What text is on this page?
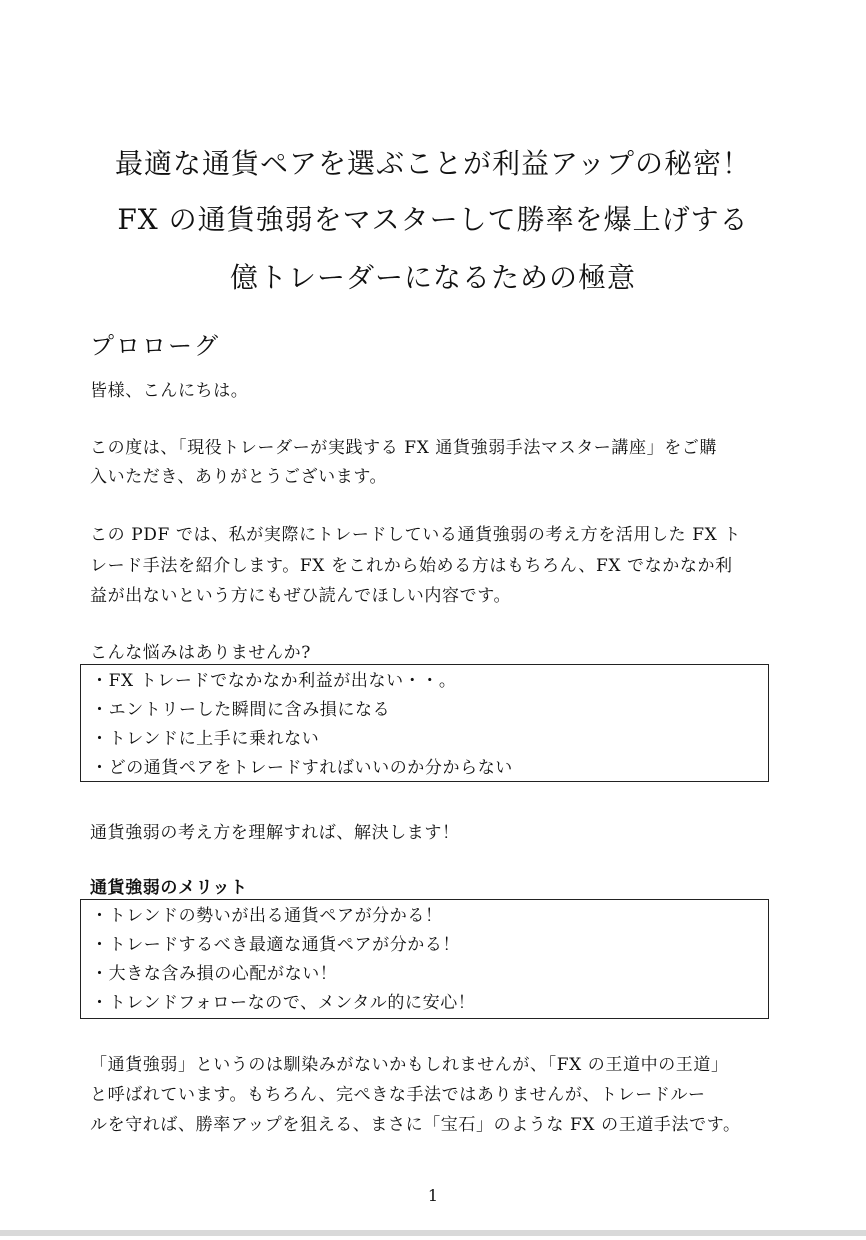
最適な通貨ペアを選ぶことが利益アップの秘密！
FX の通貨強弱をマスターして勝率を爆上げする
億トレーダーになるための極意
プロローグ
皆様、こんにちは。
この度は、「現役トレーダーが実践する FX 通貨強弱手法マスター講座」をご購
入いただき、ありがとうございます。
この PDF では、私が実際にトレードしている通貨強弱の考え方を活用した FX ト
レード手法を紹介します。FX をこれから始める方はもちろん、FX でなかなか利
益が出ないという方にもぜひ読んでほしい内容です。
こんな悩みはありませんか?
・FX トレードでなかなか利益が出ない・・。
・エントリーした瞬間に含み損になる
・トレンドに上手に乗れない
・どの通貨ペアをトレードすればいいのか分からない
通貨強弱の考え方を理解すれば、解決します！
通貨強弱のメリット
・トレンドの勢いが出る通貨ペアが分かる！
・トレードするべき最適な通貨ペアが分かる！
・大きな含み損の心配がない！
・トレンドフォローなので、メンタル的に安心！
「通貨強弱」というのは馴染みがないかもしれませんが、「FX の王道中の王道」
と呼ばれています。もちろん、完ぺきな手法ではありませんが、トレードルー
ルを守れば、勝率アップを狙える、まさに「宝石」のような FX の王道手法です。
1
